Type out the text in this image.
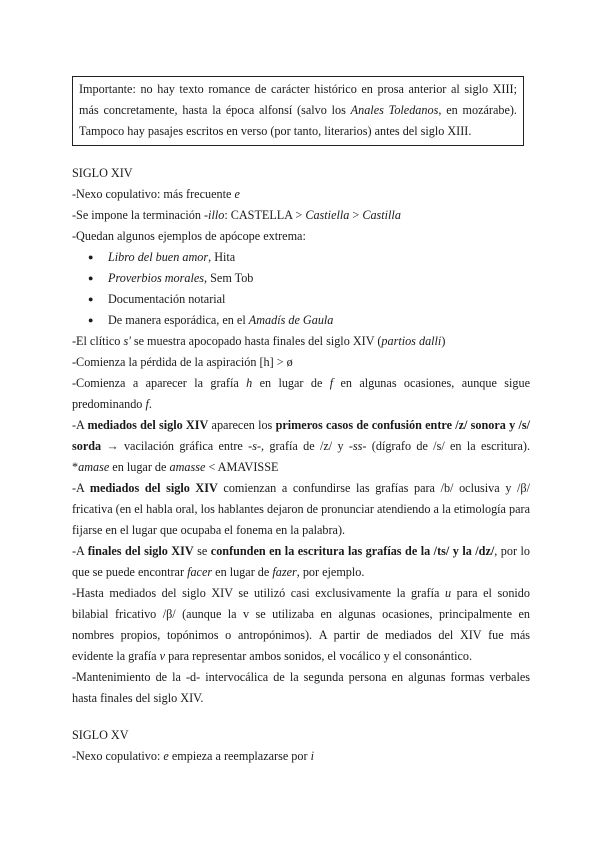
Importante: no hay texto romance de carácter histórico en prosa anterior al siglo XIII; más concretamente, hasta la época alfonsí (salvo los Anales Toledanos, en mozárabe). Tampoco hay pasajes escritos en verso (por tanto, literarios) antes del siglo XIII.

SIGLO XIV

-Nexo copulativo: más frecuente e

-Se impone la terminación -illo: CASTELLA > Castiella > Castilla

-Quedan algunos ejemplos de apócope extrema:

● Libro del buen amor, Hita
● Proverbios morales, Sem Tob
● Documentación notarial
● De manera esporádica, en el Amadís de Gaula

-El clítico s' se muestra apocopado hasta finales del siglo XIV (partios dalli)

-Comienza la pérdida de la aspiración [h] > ø

-Comienza a aparecer la grafía h en lugar de f en algunas ocasiones, aunque sigue predominando f.

-A mediados del siglo XIV aparecen los primeros casos de confusión entre /z/ sonora y /s/ sorda → vacilación gráfica entre -s-, grafía de /z/ y -ss- (dígrafo de /s/ en la escritura). *amase en lugar de amasse < AMAVISSE

-A mediados del siglo XIV comienzan a confundirse las grafías para /b/ oclusiva y /β/ fricativa (en el habla oral, los hablantes dejaron de pronunciar atendiendo a la etimología para fijarse en el lugar que ocupaba el fonema en la palabra).

-A finales del siglo XIV se confunden en la escritura las grafías de la /ts/ y la /dz/, por lo que se puede encontrar facer en lugar de fazer, por ejemplo.

-Hasta mediados del siglo XIV se utilizó casi exclusivamente la grafía u para el sonido bilabial fricativo /β/ (aunque la v se utilizaba en algunas ocasiones, principalmente en nombres propios, topónimos o antropónimos). A partir de mediados del XIV fue más evidente la grafía v para representar ambos sonidos, el vocálico y el consonántico.

-Mantenimiento de la -d- intervocálica de la segunda persona en algunas formas verbales hasta finales del siglo XIV.

SIGLO XV

-Nexo copulativo: e empieza a reemplazarse por i
